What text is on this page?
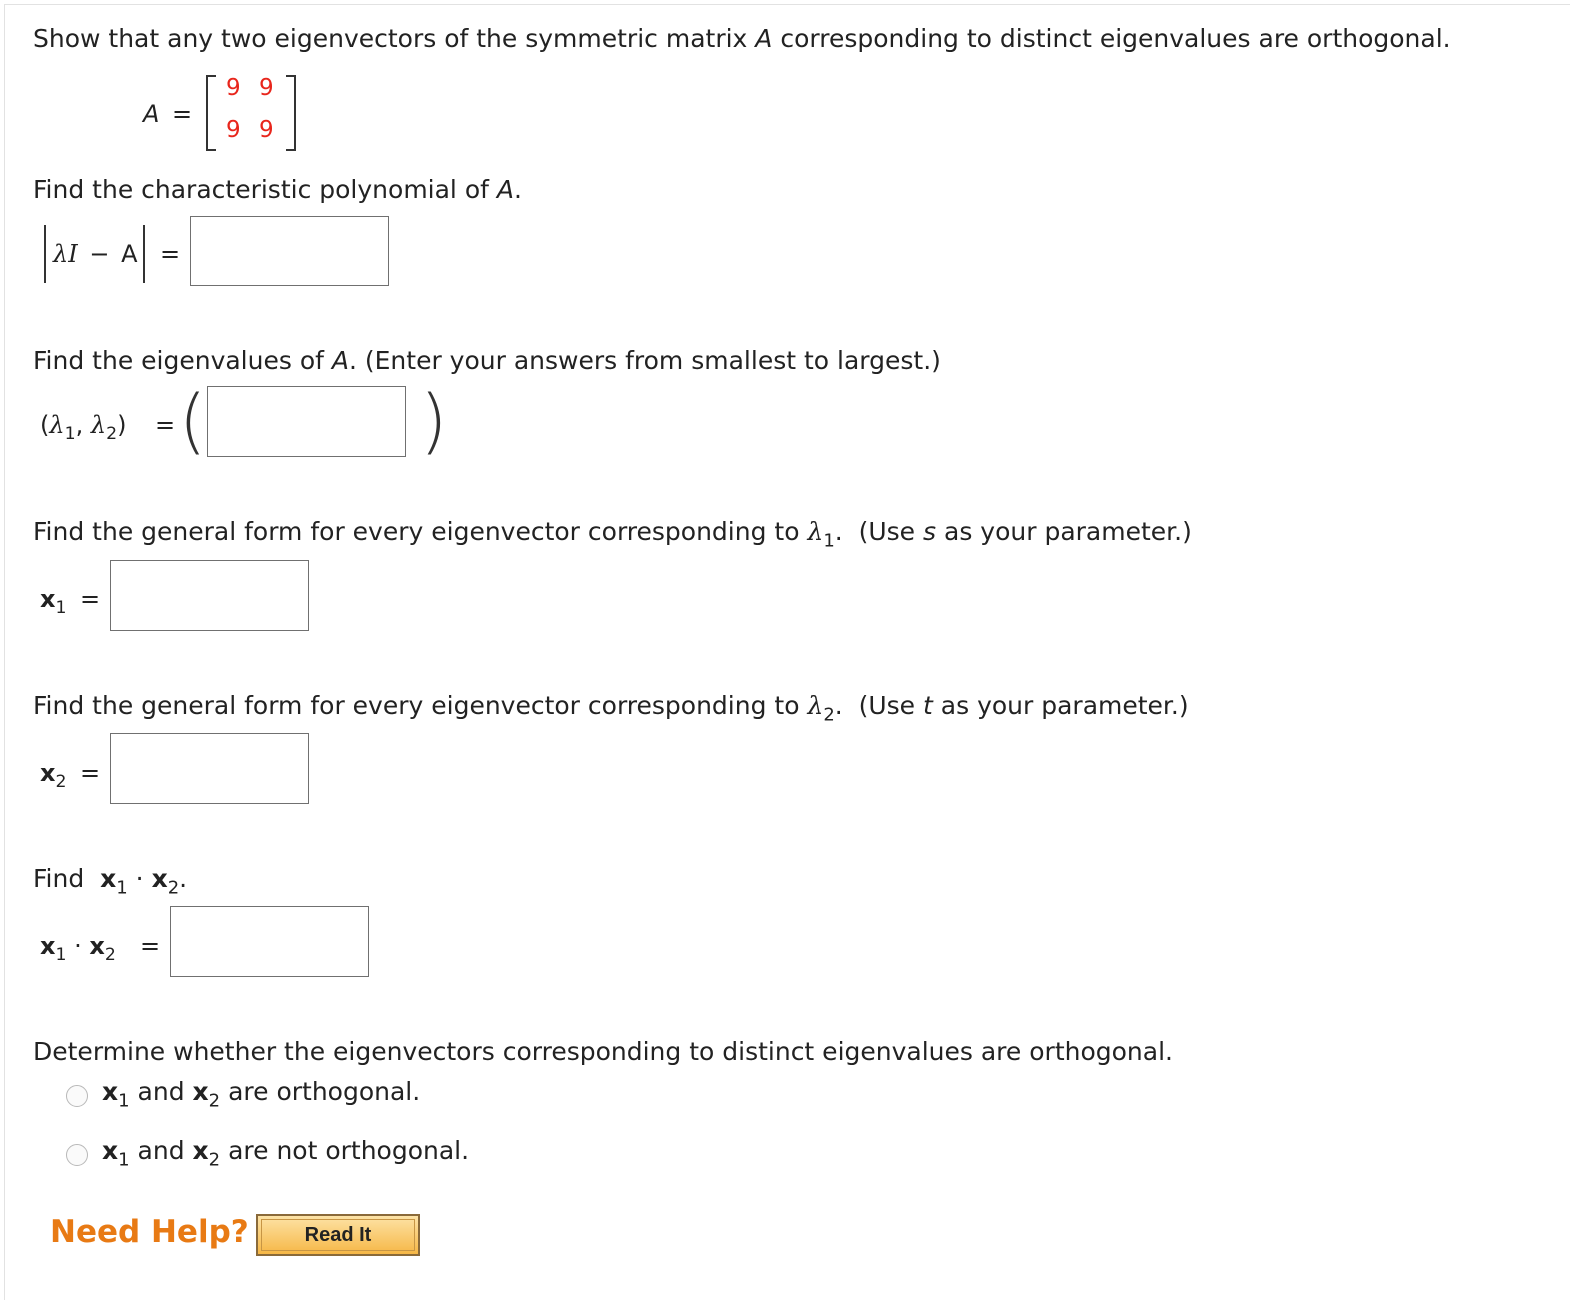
Show that any two eigenvectors of the symmetric matrix A corresponding to distinct eigenvalues are orthogonal.
A =
9 9
9 9
Find the characteristic polynomial of A.
λI − A =
Find the eigenvalues of A. (Enter your answers from smallest to largest.)
($\lambda_1$, $\lambda_2$) = (	)
Find the general form for every eigenvector corresponding to $\lambda_1$.  (Use s as your parameter.)
$x_1$ =
Find the general form for every eigenvector corresponding to $\lambda_2$.  (Use t as your parameter.)
$x_2$ =
Find  $x_1 \cdot x_2$.
$x_1 \cdot x_2$ =
Determine whether the eigenvectors corresponding to distinct eigenvalues are orthogonal.
$x_1$ and $x_2$ are orthogonal.
$x_1$ and $x_2$ are not orthogonal.
Need Help?	Read It
